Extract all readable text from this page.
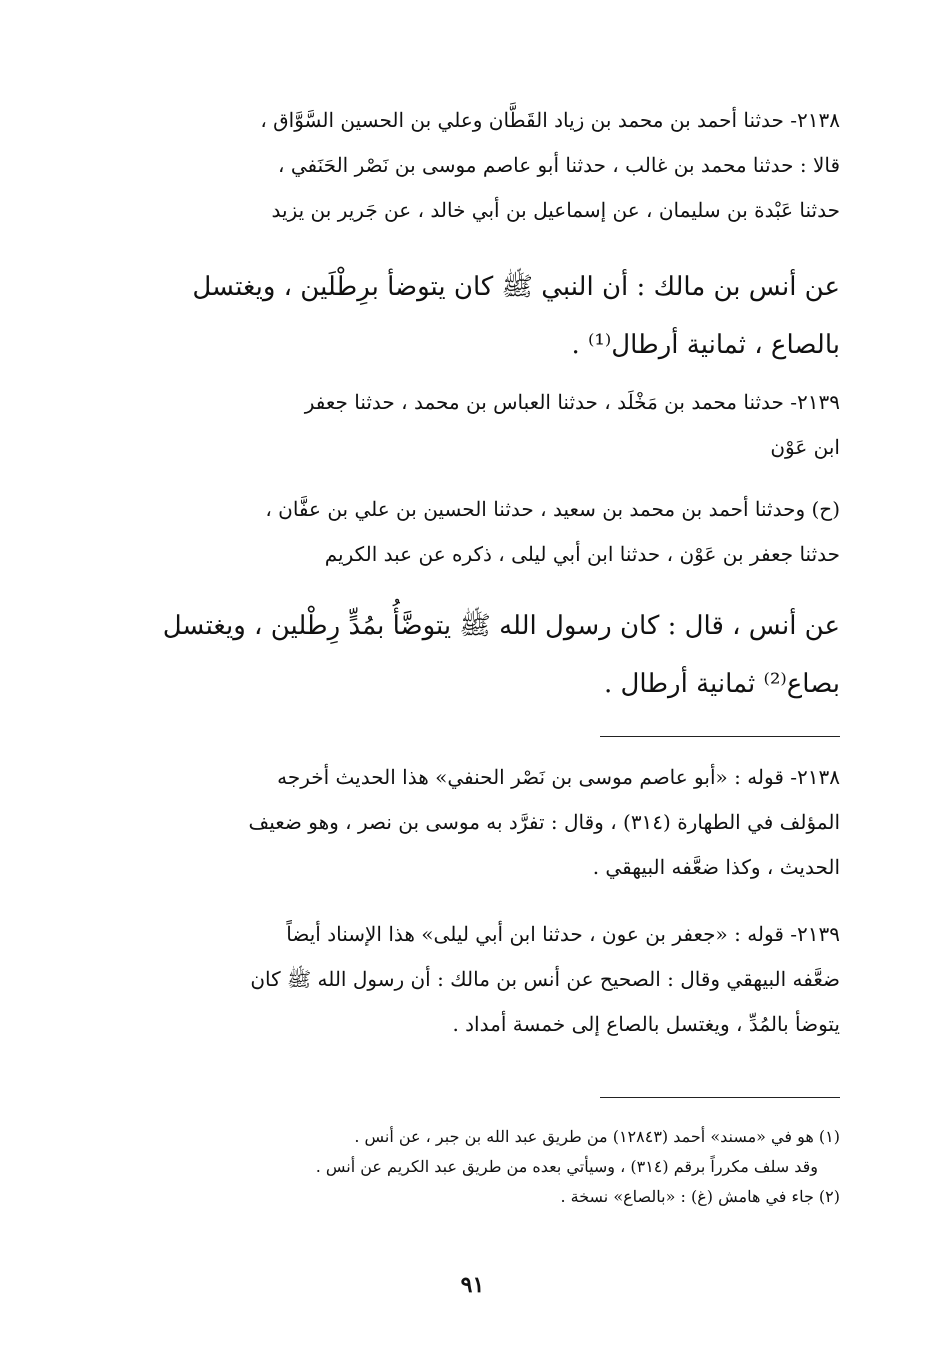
٢١٣٨- حدثنا أحمد بن محمد بن زياد القَطَّان وعلي بن الحسين السَّوَّاق ،

قالا : حدثنا محمد بن غالب ، حدثنا أبو عاصم موسى بن نَصْر الحَنَفي ،

حدثنا عَبْدة بن سليمان ، عن إسماعيل بن أبي خالد ، عن جَرير بن يزيد

عن أنس بن مالك : أن النبي ﷺ كان يتوضأ برِطْلَين ، ويغتسل

بالصاع ، ثمانية أرطال⁽¹⁾ .

٢١٣٩- حدثنا محمد بن مَخْلَد ، حدثنا العباس بن محمد ، حدثنا جعفر

ابن عَوْن

(ح) وحدثنا أحمد بن محمد بن سعيد ، حدثنا الحسين بن علي بن عفَّان ،

حدثنا جعفر بن عَوْن ، حدثنا ابن أبي ليلى ، ذكره عن عبد الكريم

عن أنس ، قال : كان رسول الله ﷺ يتوضَّأُ بمُدٍّ رِطْلين ، ويغتسل

بصاع⁽²⁾ ثمانية أرطال .

٢١٣٨- قوله : «أبو عاصم موسى بن نَصْر الحنفي» هذا الحديث أخرجه

المؤلف في الطهارة (٣١٤) ، وقال : تفرَّد به موسى بن نصر ، وهو ضعيف

الحديث ، وكذا ضعَّفه البيهقي .

٢١٣٩- قوله : «جعفر بن عون ، حدثنا ابن أبي ليلى» هذا الإسناد أيضاً

ضعَّفه البيهقي وقال : الصحيح عن أنس بن مالك : أن رسول الله ﷺ كان

يتوضأ بالمُدِّ ، ويغتسل بالصاع إلى خمسة أمداد .

(١) هو في «مسند» أحمد (١٢٨٤٣) من طريق عبد الله بن جبر ، عن أنس .

وقد سلف مكرراً برقم (٣١٤) ، وسيأتي بعده من طريق عبد الكريم عن أنس .

(٢) جاء في هامش (غ) : «بالصاع» نسخة .

٩١
